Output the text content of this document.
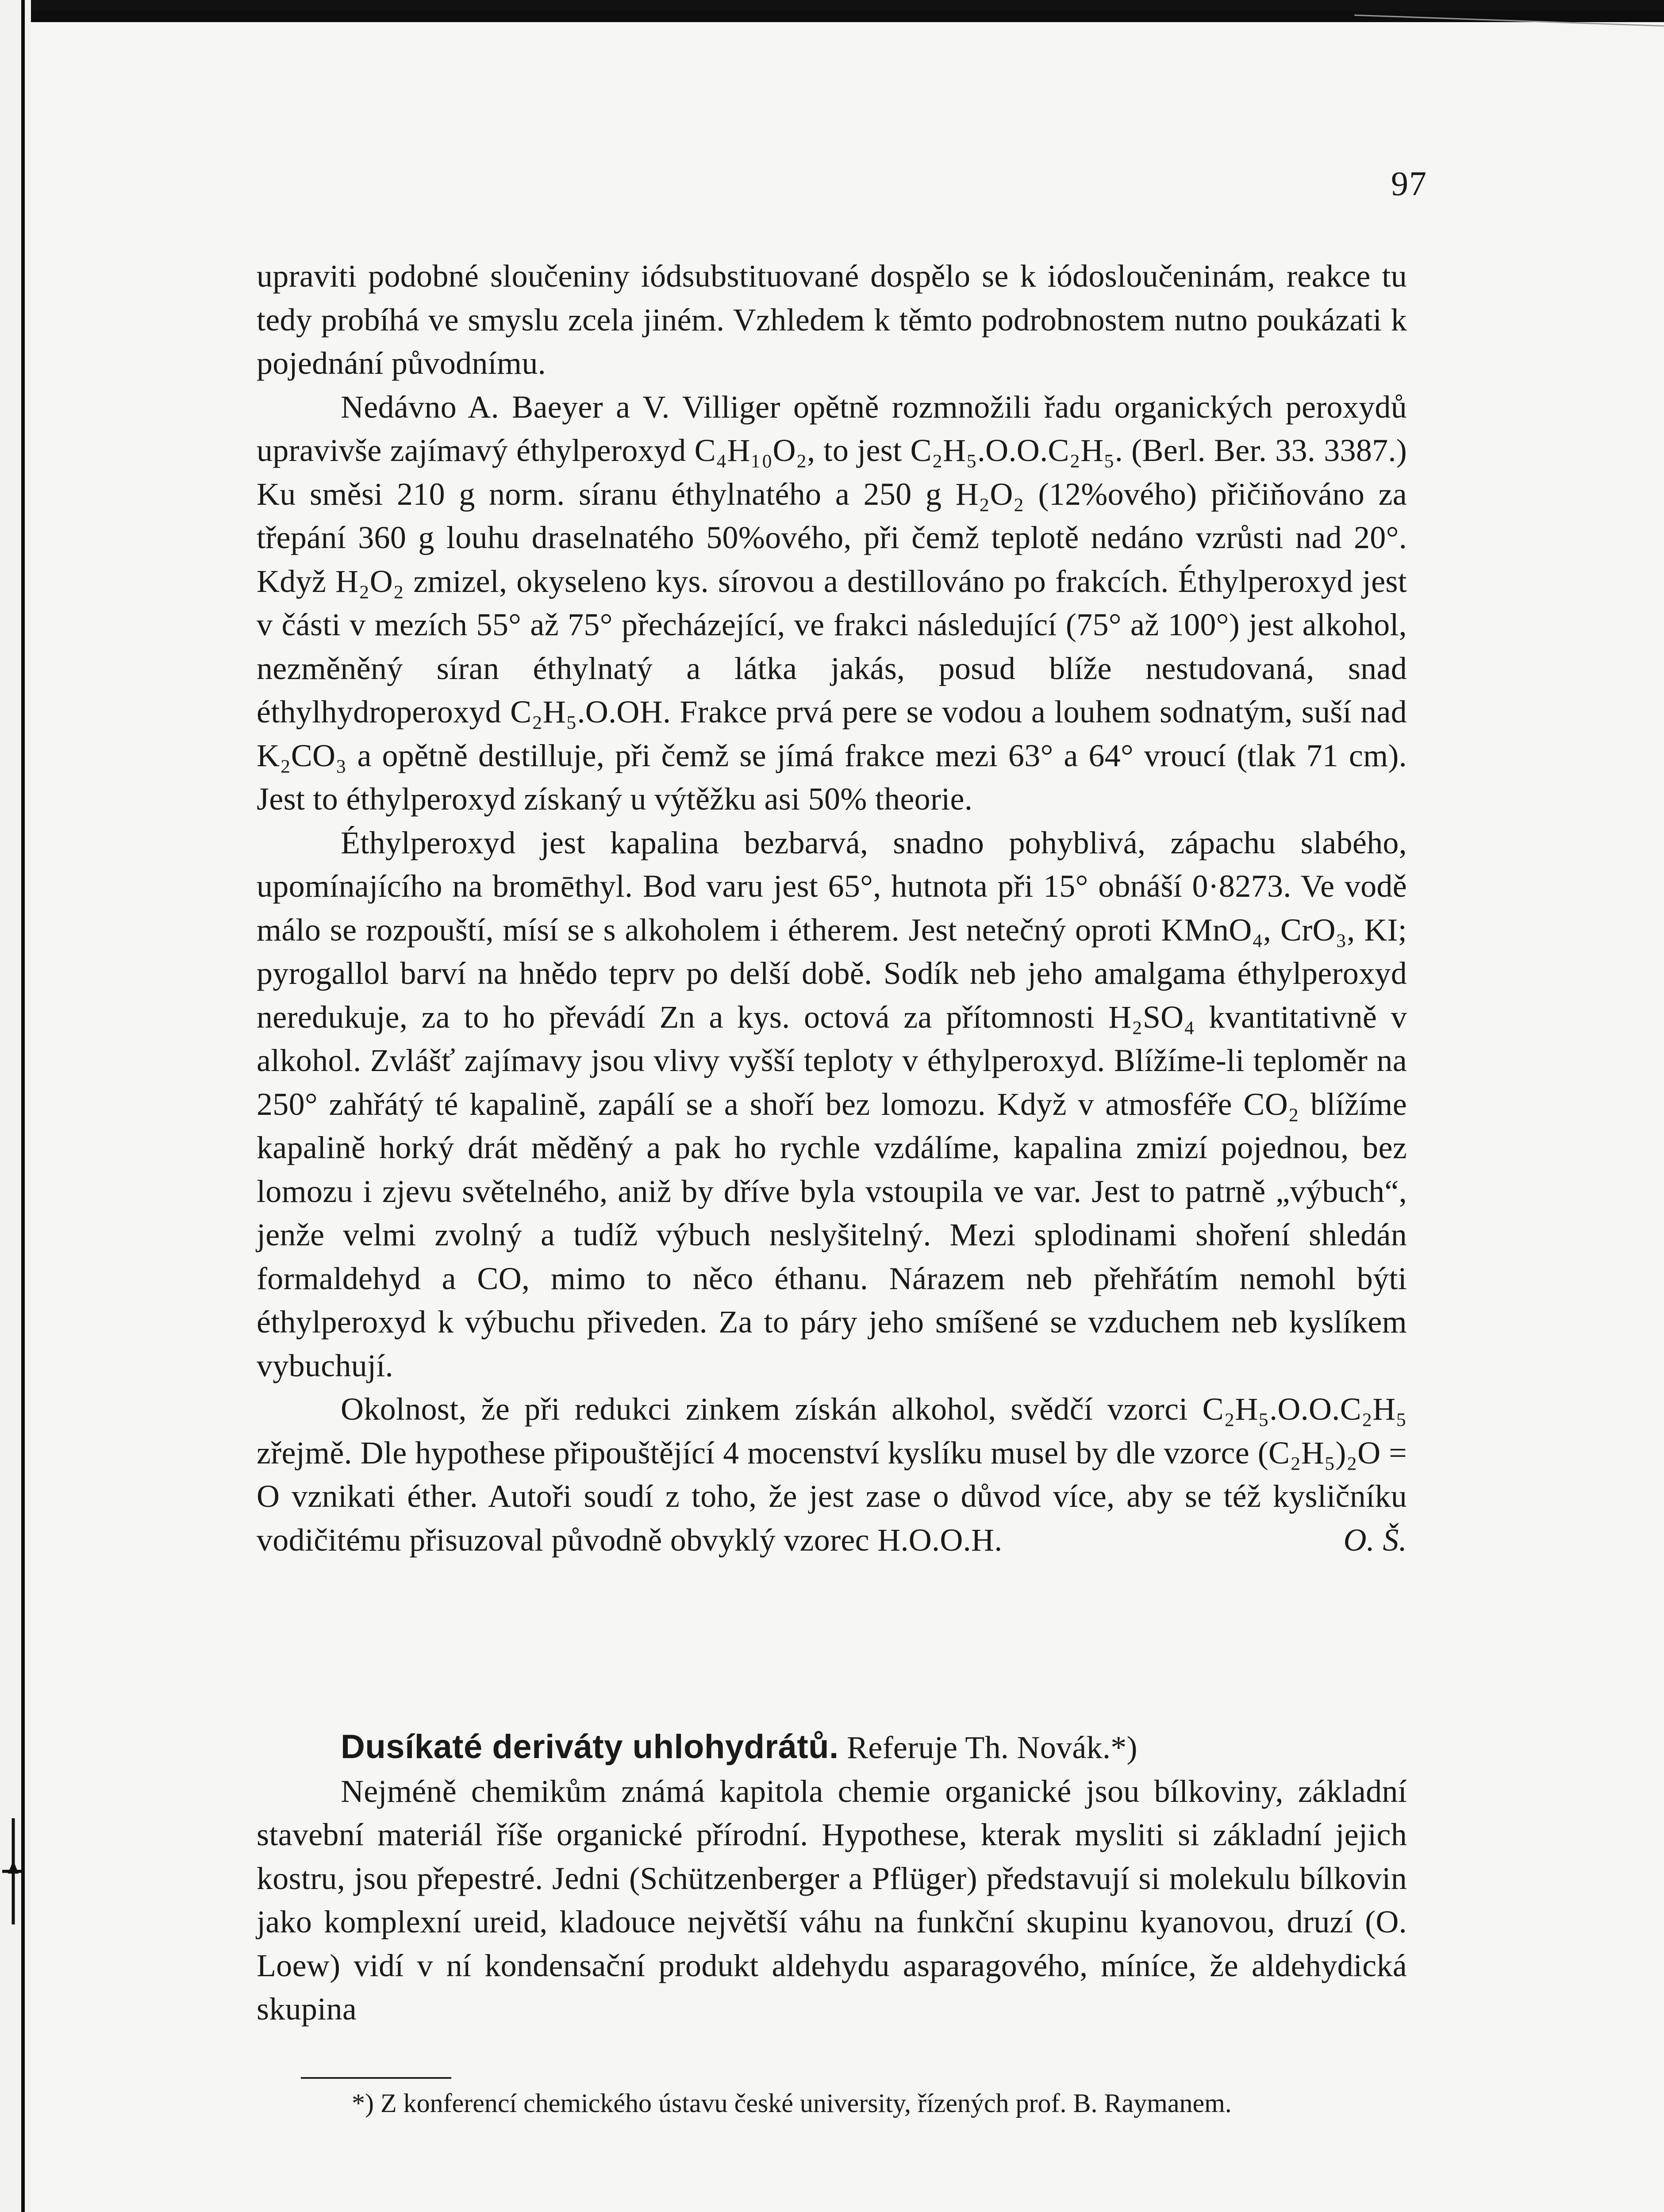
97

upraviti podobné sloučeniny iódsubstituované dospělo se k iódosloučeninám, reakce tu tedy probíhá ve smyslu zcela jiném. Vzhledem k těmto podrobnostem nutno poukázati k pojednání původnímu.

Nedávno A. Baeyer a V. Villiger opětně rozmnožili řadu organických peroxydů upravivše zajímavý éthylperoxyd C₄H₁₀O₂, to jest C₂H₅.O.O.C₂H₅. (Berl. Ber. 33. 3387.) Ku směsi 210 g norm. síranu éthylnatého a 250 g H₂O₂ (12%ového) přičiňováno za třepání 360 g louhu draselnatého 50%ového, při čemž teplotě nedáno vzrůsti nad 20°. Když H₂O₂ zmizel, okyseleno kys. sírovou a destillováno po frakcích. Éthylperoxyd jest v části v mezích 55° až 75° přecházející, ve frakci následující (75° až 100°) jest alkohol, nezměněný síran éthylnatý a látka jakás, posud blíže nestudovaná, snad éthylhydroperoxyd C₂H₅.O.OH. Frakce prvá pere se vodou a louhem sodnatým, suší nad K₂CO₃ a opětně destilluje, při čemž se jímá frakce mezi 63° a 64° vroucí (tlak 71 cm). Jest to éthylperoxyd získaný u výtěžku asi 50% theorie.

Éthylperoxyd jest kapalina bezbarvá, snadno pohyblivá, zápachu slabého, upomínajícího na bromēthyl. Bod varu jest 65°, hutnota při 15° obnáší 0·8273. Ve vodě málo se rozpouští, mísí se s alkoholem i étherem. Jest netečný oproti KMnO₄, CrO₃, KI; pyrogallol barví na hnědo teprv po delší době. Sodík neb jeho amalgama éthylperoxyd neredukuje, za to ho převádí Zn a kys. octová za přítomnosti H₂SO₄ kvantitativně v alkohol. Zvlášť zajímavy jsou vlivy vyšší teploty v éthylperoxyd. Blížíme-li teploměr na 250° zahřátý té kapalině, zapálí se a shoří bez lomozu. Když v atmosféře CO₂ blížíme kapalině horký drát měděný a pak ho rychle vzdálíme, kapalina zmizí pojednou, bez lomozu i zjevu světelného, aniž by dříve byla vstoupila ve var. Jest to patrně „výbuch“, jenže velmi zvolný a tudíž výbuch neslyšitelný. Mezi splodinami shoření shledán formaldehyd a CO, mimo to něco éthanu. Nárazem neb přehřátím nemohl býti éthylperoxyd k výbuchu přiveden. Za to páry jeho smíšené se vzduchem neb kyslíkem vybuchují.

Okolnost, že při redukci zinkem získán alkohol, svědčí vzorci C₂H₅.O.O.C₂H₅ zřejmě. Dle hypothese připouštějící 4 mocenství kyslíku musel by dle vzorce (C₂H₅)₂O = O vznikati éther. Autoři soudí z toho, že jest zase o důvod více, aby se též kysličníku vodičitému přisuzoval původně obvyklý vzorec H.O.O.H.	O. Š.

Dusíkaté deriváty uhlohydrátů. Referuje Th. Novák.*)

Nejméně chemikům známá kapitola chemie organické jsou bílkoviny, základní stavební materiál říše organické přírodní. Hypothese, kterak mysliti si základní jejich kostru, jsou přepestré. Jedni (Schützenberger a Pflüger) představují si molekulu bílkovin jako komplexní ureid, kladouce největší váhu na funkční skupinu kyanovou, druzí (O. Loew) vidí v ní kondensační produkt aldehydu asparagového, míníce, že aldehydická skupina

*) Z konferencí chemického ústavu české university, řízených prof. B. Raymanem.
